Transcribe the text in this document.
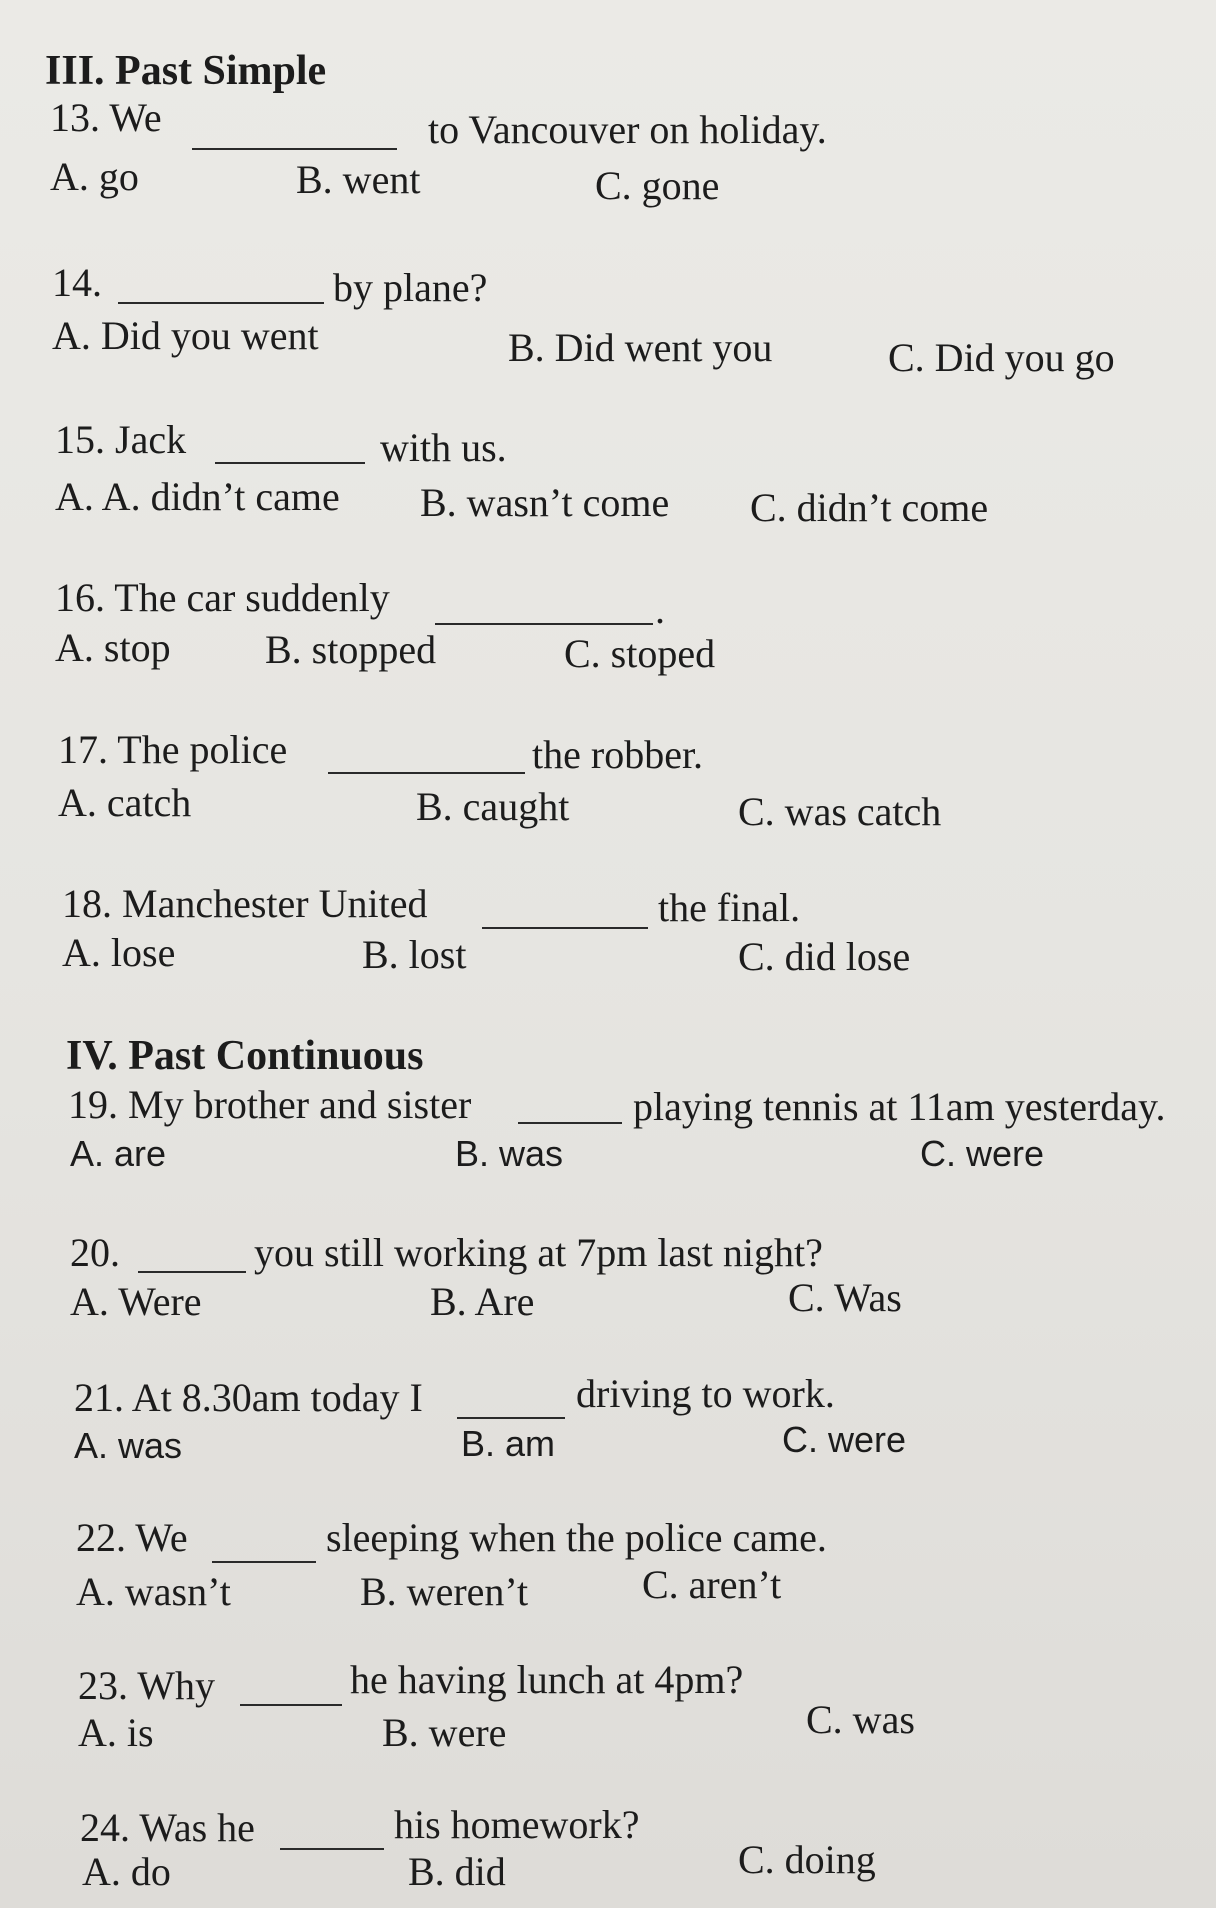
III. Past Simple
13. We	to Vancouver on holiday.
A. go	B. went	C. gone
14.	by plane?
A. Did you went	B. Did went you	C. Did you go
15. Jack	with us.
A. A. didn’t came B. wasn’t come C. didn’t come
16. The car suddenly	.
A. stop B. stopped	C. stoped
17. The police	the robber.
A. catch	B. caught	C. was catch
18. Manchester United	the final.
A. lose	B. lost	C. did lose
IV. Past Continuous
19. My brother and sister	playing tennis at 11am yesterday.
A. are	B. was	C. were
20.	you still working at 7pm last night?
A. Were	B. Are	C. Was
21. At 8.30am today I	driving to work.
A. was	B. am	C. were
22. We	sleeping when the police came.
A. wasn’t	B. weren’t	C. aren’t
23. Why	he having lunch at 4pm?
A. is	B. were	C. was
24. Was he	his homework?
A. do	B. did	C. doing
